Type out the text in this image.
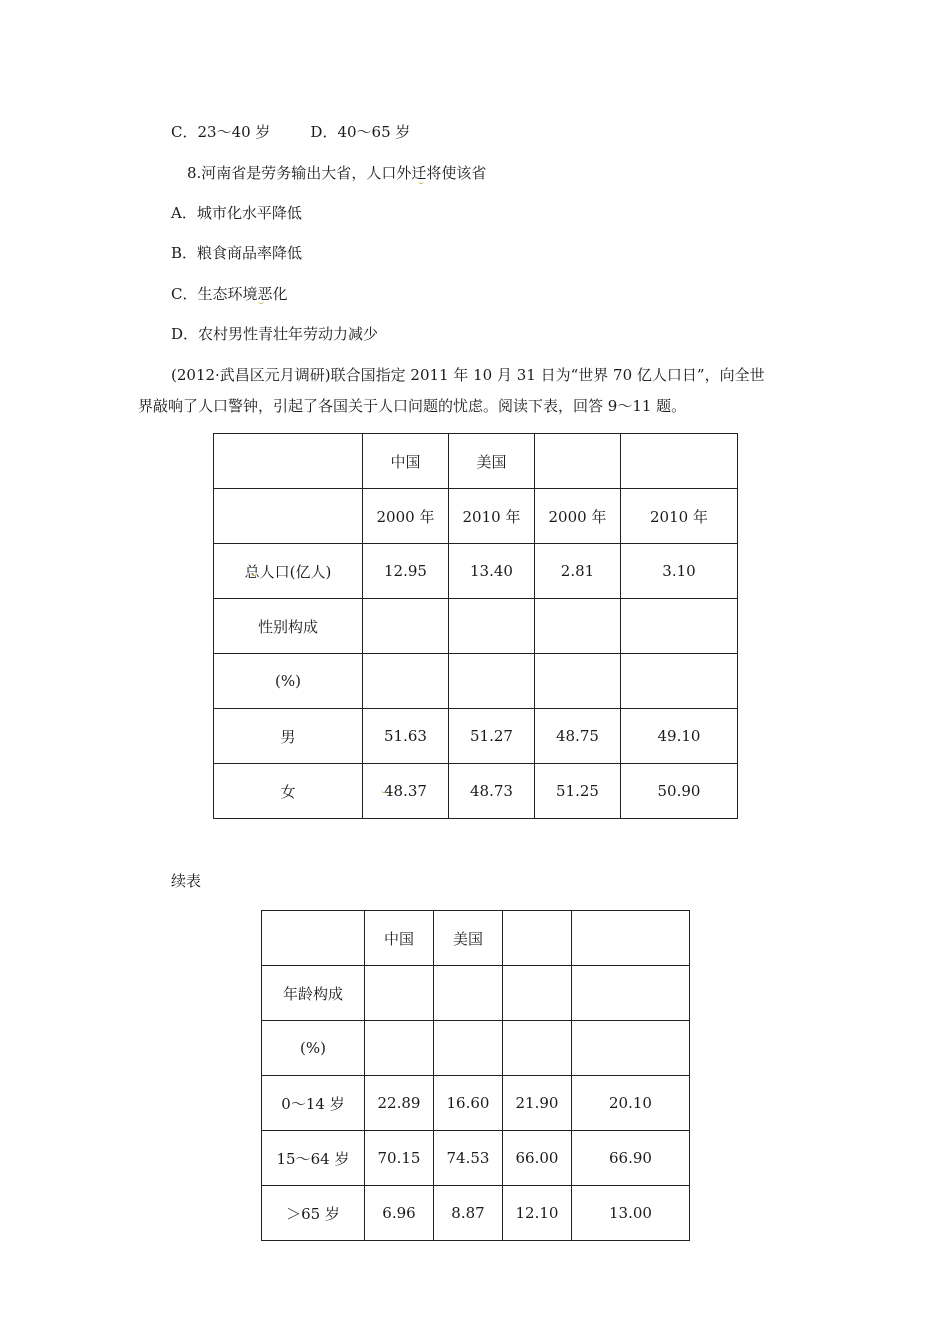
C．23～40 岁	D．40～65 岁
8.河南省是劳务输出大省，人口外迁将使该省
A．城市化水平降低
B．粮食商品率降低
C．生态环境恶化
D．农村男性青壮年劳动力减少
(2012·武昌区元月调研)联合国指定 2011 年 10 月 31 日为“世界 70 亿人口日”，向全世
界敲响了人口警钟，引起了各国关于人口问题的忧虑。阅读下表，回答 9～11 题。
	中国	美国		
	2000 年	2010 年	2000 年	2010 年
总人口(亿人)	12.95	13.40	2.81	3.10
性别构成				
(%)				
男	51.63	51.27	48.75	49.10
女	48.37	48.73	51.25	50.90
续表
	中国	美国		
年龄构成				
(%)				
0～14 岁	22.89	16.60	21.90	20.10
15～64 岁	70.15	74.53	66.00	66.90
＞65 岁	6.96	8.87	12.10	13.00
